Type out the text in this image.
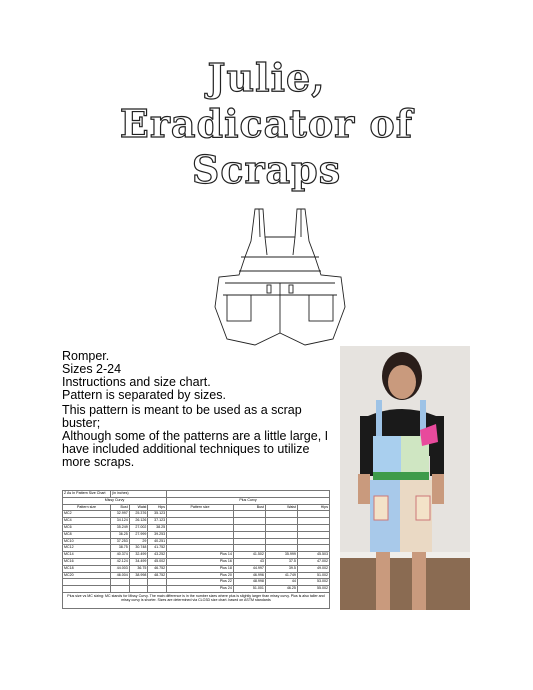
Julie,
Eradicator of
Scraps
Romper.
Sizes 2-24
Instructions and size chart.
Pattern is separated by sizes.
This pattern is meant to be used as a scrap buster;
Although some of the patterns are a little large, I have included additional techniques to utilize more scraps.
Z As In Pattern Size Chart	(in inches)						
Missy Curvy				Plus Curvy			
Pattern size	Bust	Waist	Hips	Pattern size	Bust	Waist	Hips
MC2	32.997	25.376	35.123				
MC4	34.124	26.126	37.123				
MC6	35.249	27.002	38.25				
MC8	36.25	27.999	39.253				
MC10	37.253	29	40.251				
MC12	38.75	30.748	41.752				
MC14	40.374	32.499	43.252	Plus 14	41.502	35.999	45.503
MC16	42.124	34.499	45.002	Plus 16	43	37.5	47.002
MC18	44.003	36.75	46.752	Plus 18	44.997	39.5	49.002
MC20	46.004	38.998	48.752	Plus 20	46.996	41.749	51.002
				Plus 22	48.998	44	53.002
				Plus 24	51.001	46.25	55.002
Plus size vs MC sizing: MC stands for Missy Curvy. The main difference is in the number sizes where plus is slightly larger than missy curvy. Plus is also taller and missy curvy is shorter. Sizes are determined via CLO3D size chart. based on ASTM standards
